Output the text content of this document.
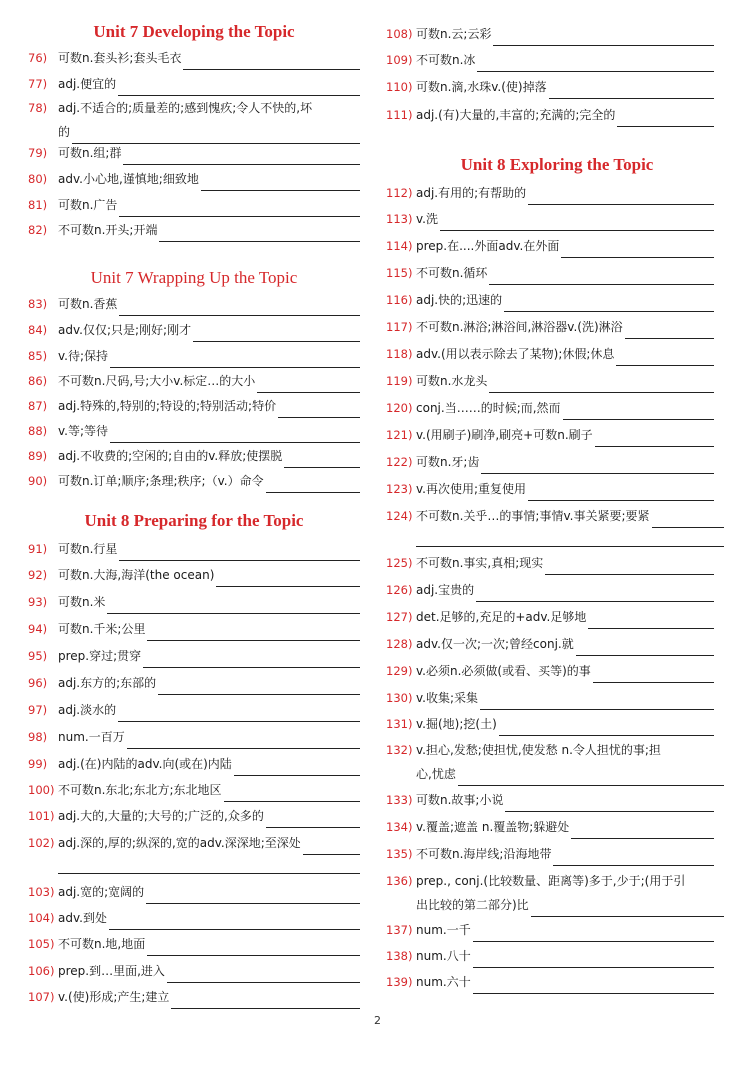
Unit 7 Developing the Topic
76) 可数n.套头衫;套头毛衣
77) adj.便宜的
78) adj.不适合的;质量差的;感到愧疚;令人不快的,坏
的
79) 可数n.组;群
80) adv.小心地,谨慎地;细致地
81) 可数n.广告
82) 不可数n.开头;开端
Unit 7 Wrapping Up the Topic
83) 可数n.香蕉
84) adv.仅仅;只是;刚好;刚才
85) v.待;保持
86) 不可数n.尺码,号;大小v.标定…的大小
87) adj.特殊的,特别的;特设的;特别活动;特价
88) v.等;等待
89) adj.不收费的;空闲的;自由的v.释放;使摆脱
90) 可数n.订单;顺序;条理;秩序;（v.）命令
Unit 8 Preparing for the Topic
91) 可数n.行星
92) 可数n.大海,海洋(the ocean)
93) 可数n.米
94) 可数n.千米;公里
95) prep.穿过;贯穿
96) adj.东方的;东部的
97) adj.淡水的
98) num.一百万
99) adj.(在)内陆的adv.向(或在)内陆
100) 不可数n.东北;东北方;东北地区
101) adj.大的,大量的;大号的;广泛的,众多的
102) adj.深的,厚的;纵深的,宽的adv.深深地;至深处
103) adj.宽的;宽阔的
104) adv.到处
105) 不可数n.地,地面
106) prep.到…里面,进入
107) v.(使)形成;产生;建立
108) 可数n.云;云彩
109) 不可数n.冰
110) 可数n.滴,水珠v.(使)掉落
111) adj.(有)大量的,丰富的;充满的;完全的
Unit 8 Exploring the Topic
112) adj.有用的;有帮助的
113) v.洗
114) prep.在....外面adv.在外面
115) 不可数n.循环
116) adj.快的;迅速的
117) 不可数n.淋浴;淋浴间,淋浴器v.(洗)淋浴
118) adv.(用以表示除去了某物);休假;休息
119) 可数n.水龙头
120) conj.当……的时候;而,然而
121) v.(用刷子)刷净,刷亮+可数n.刷子
122) 可数n.牙;齿
123) v.再次使用;重复使用
124) 不可数n.关乎…的事情;事情v.事关紧要;要紧
125) 不可数n.事实,真相;现实
126) adj.宝贵的
127) det.足够的,充足的+adv.足够地
128) adv.仅一次;一次;曾经conj.就
129) v.必须n.必须做(或看、买等)的事
130) v.收集;采集
131) v.掘(地);挖(土)
132) v.担心,发愁;使担忧,使发愁 n.令人担忧的事;担
心,忧虑
133) 可数n.故事;小说
134) v.覆盖;遮盖 n.覆盖物;躲避处
135) 不可数n.海岸线;沿海地带
136) prep., conj.(比较数量、距离等)多于,少于;(用于引
出比较的第二部分)比
137) num.一千
138) num.八十
139) num.六十
2
